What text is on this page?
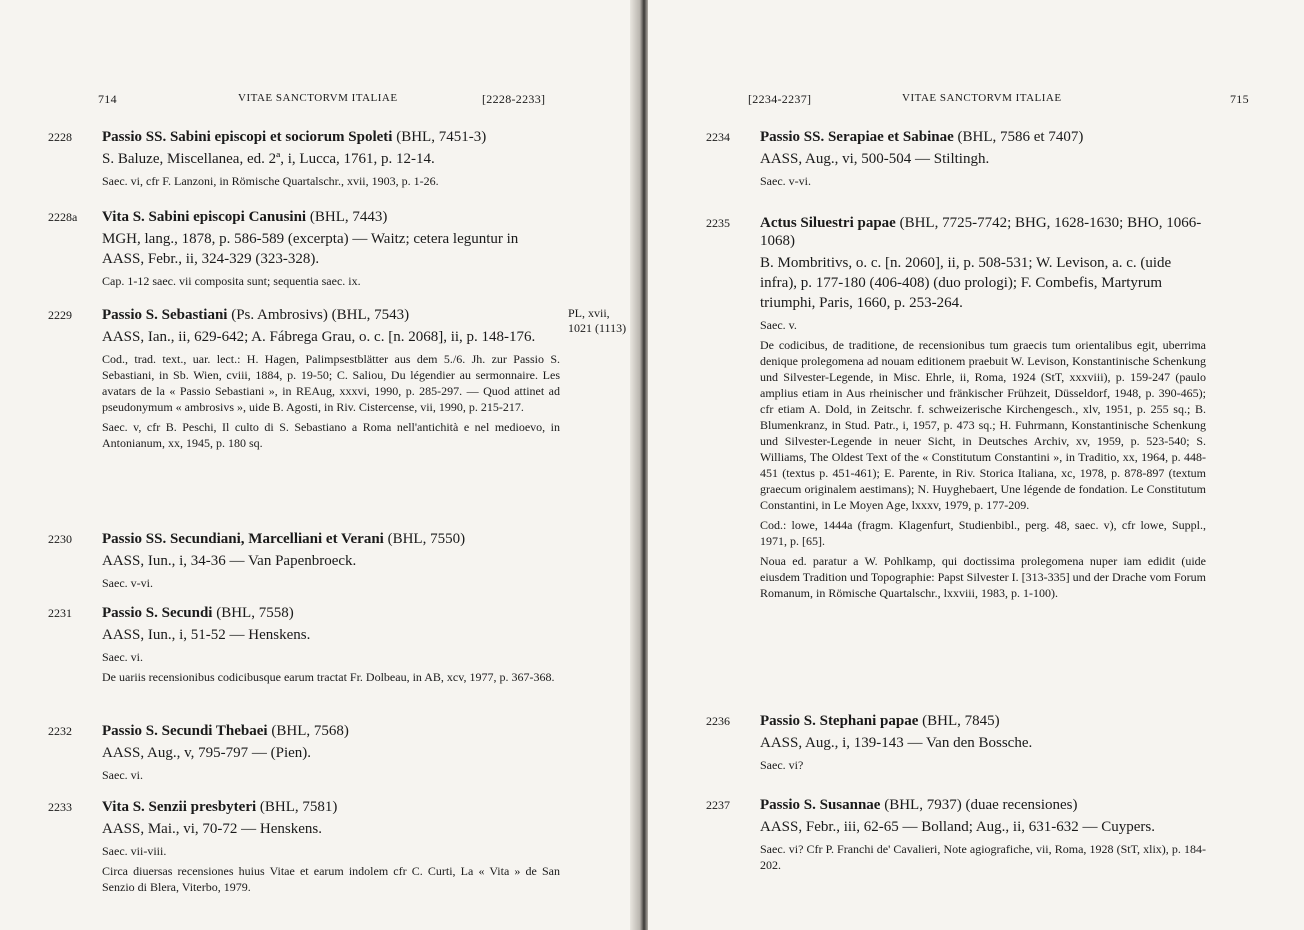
714	VITAE SANCTORVM ITALIAE	[2228-2233]
2228	Passio SS. Sabini episcopi et sociorum Spoleti (BHL, 7451-3)
S. Baluze, Miscellanea, ed. 2ª, i, Lucca, 1761, p. 12-14.
Saec. vi, cfr F. Lanzoni, in Römische Quartalschr., xvii, 1903, p. 1-26.
2228a	Vita S. Sabini episcopi Canusini (BHL, 7443)
MGH, lang., 1878, p. 586-589 (excerpta) — Waitz; cetera leguntur in AASS, Febr., ii, 324-329 (323-328).
Cap. 1-12 saec. vii composita sunt; sequentia saec. ix.
2229	Passio S. Sebastiani (Ps. Ambrosivs) (BHL, 7543)
AASS, Ian., ii, 629-642; A. Fábrega Grau, o. c. [n. 2068], ii, p. 148-176.
Cod., trad. text., uar. lect.: H. Hagen, Palimpsestblätter aus dem 5./6. Jh. zur Passio S. Sebastiani, in Sb. Wien, cviii, 1884, p. 19-50; C. Saliou, Du légendier au sermonnaire. Les avatars de la « Passio Sebastiani », in REAug, xxxvi, 1990, p. 285-297. — Quod attinet ad pseudonymum « ambrosivs », uide B. Agosti, in Riv. Cistercense, vii, 1990, p. 215-217.
Saec. v, cfr B. Peschi, Il culto di S. Sebastiano a Roma nell'antichità e nel medioevo, in Antonianum, xx, 1945, p. 180 sq.
2230	Passio SS. Secundiani, Marcelliani et Verani (BHL, 7550)
AASS, Iun., i, 34-36 — Van Papenbroeck.
Saec. v-vi.
2231	Passio S. Secundi (BHL, 7558)
AASS, Iun., i, 51-52 — Henskens.
Saec. vi.
De uariis recensionibus codicibusque earum tractat Fr. Dolbeau, in AB, xcv, 1977, p. 367-368.
2232	Passio S. Secundi Thebaei (BHL, 7568)
AASS, Aug., v, 795-797 — (Pien).
Saec. vi.
2233	Vita S. Senzii presbyteri (BHL, 7581)
AASS, Mai., vi, 70-72 — Henskens.
Saec. vii-viii.
Circa diuersas recensiones huius Vitae et earum indolem cfr C. Curti, La « Vita » de San Senzio di Blera, Viterbo, 1979.
PL, xvii,
1021 (1113)
[2234-2237]	VITAE SANCTORVM ITALIAE	715
2234	Passio SS. Serapiae et Sabinae (BHL, 7586 et 7407)
AASS, Aug., vi, 500-504 — Stiltingh.
Saec. v-vi.
2235	Actus Siluestri papae (BHL, 7725-7742; BHG, 1628-1630; BHO, 1066-1068)
B. Mombritivs, o. c. [n. 2060], ii, p. 508-531; W. Levison, a. c. (uide infra), p. 177-180 (406-408) (duo prologi); F. Combefis, Martyrum triumphi, Paris, 1660, p. 253-264.
Saec. v.
De codicibus, de traditione, de recensionibus tum graecis tum orientalibus egit, uberrima denique prolegomena ad nouam editionem praebuit W. Levison, Konstantinische Schenkung und Silvester-Legende, in Misc. Ehrle, ii, Roma, 1924 (StT, xxxviii), p. 159-247 (paulo amplius etiam in Aus rheinischer und fränkischer Frühzeit, Düsseldorf, 1948, p. 390-465); cfr etiam A. Dold, in Zeitschr. f. schweizerische Kirchengesch., xlv, 1951, p. 255 sq.; B. Blumenkranz, in Stud. Patr., i, 1957, p. 473 sq.; H. Fuhrmann, Konstantinische Schenkung und Silvester-Legende in neuer Sicht, in Deutsches Archiv, xv, 1959, p. 523-540; S. Williams, The Oldest Text of the « Constitutum Constantini », in Traditio, xx, 1964, p. 448-451 (textus p. 451-461); E. Parente, in Riv. Storica Italiana, xc, 1978, p. 878-897 (textum graecum originalem aestimans); N. Huyghebaert, Une légende de fondation. Le Constitutum Constantini, in Le Moyen Age, lxxxv, 1979, p. 177-209.
Cod.: lowe, 1444a (fragm. Klagenfurt, Studienbibl., perg. 48, saec. v), cfr lowe, Suppl., 1971, p. [65].
Noua ed. paratur a W. Pohlkamp, qui doctissima prolegomena nuper iam edidit (uide eiusdem Tradition und Topographie: Papst Silvester I. [313-335] und der Drache vom Forum Romanum, in Römische Quartalschr., lxxviii, 1983, p. 1-100).
2236	Passio S. Stephani papae (BHL, 7845)
AASS, Aug., i, 139-143 — Van den Bossche.
Saec. vi?
2237	Passio S. Susannae (BHL, 7937) (duae recensiones)
AASS, Febr., iii, 62-65 — Bolland; Aug., ii, 631-632 — Cuypers.
Saec. vi? Cfr P. Franchi de' Cavalieri, Note agiografiche, vii, Roma, 1928 (StT, xlix), p. 184-202.
